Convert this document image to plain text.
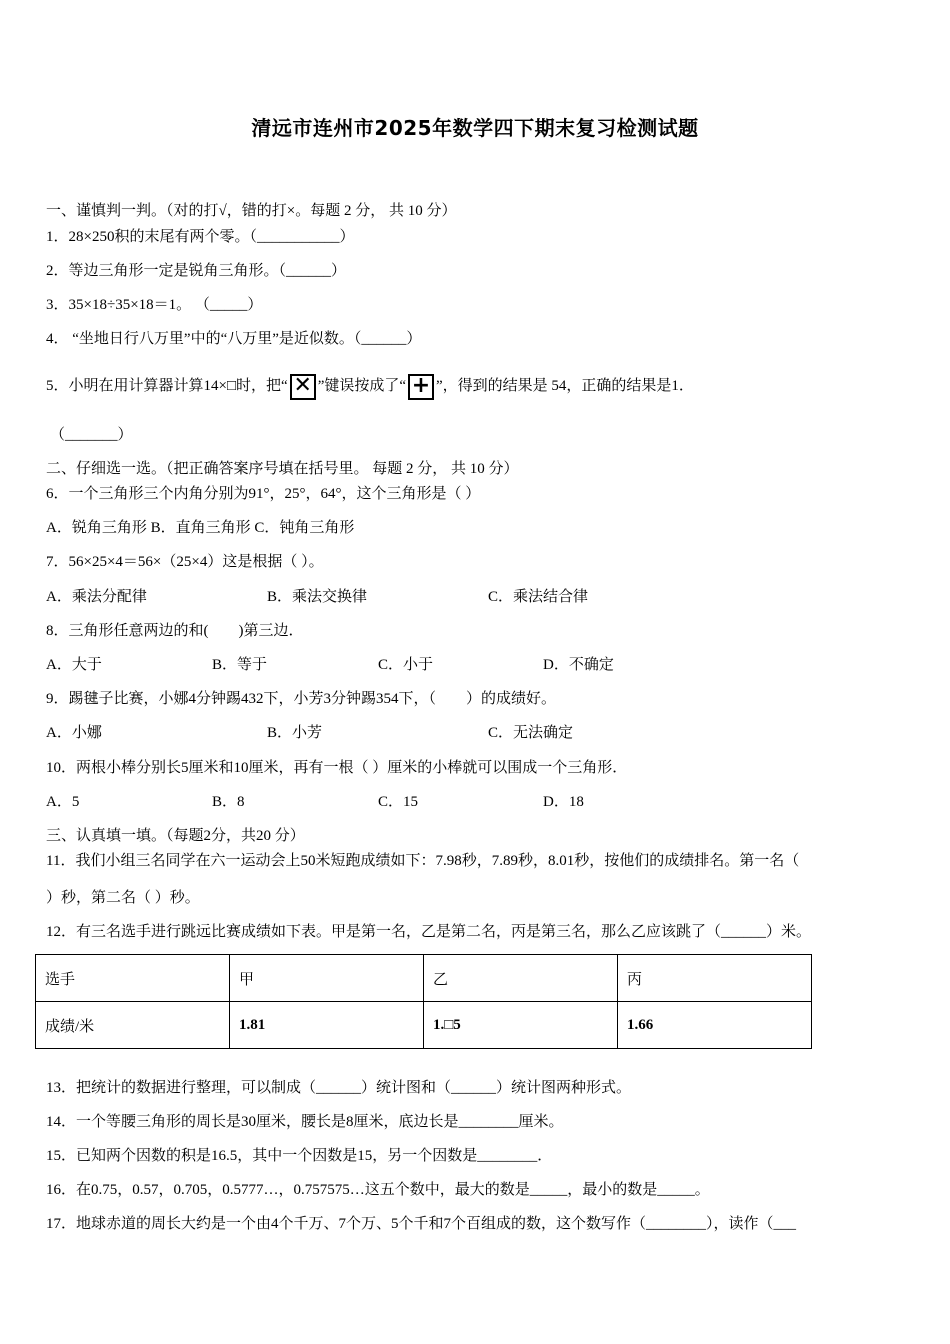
清远市连州市2025年数学四下期末复习检测试题
一、谨慎判一判。（对的打√，错的打×。每题 2 分， 共 10 分）
1．28×250积的末尾有两个零。（___________）
2．等边三角形一定是锐角三角形。（______）
3．35×18÷35×18＝1。 （_____）
4． “坐地日行八万里”中的“八万里”是近似数。（______）
5．小明在用计算器计算14×□时，把“ ✕ ”键误按成了“ + ”，得到的结果是 54，正确的结果是1．
（_______）
二、仔细选一选。（把正确答案序号填在括号里。 每题 2 分， 共 10 分）
6．一个三角形三个内角分别为91°，25°，64°，这个三角形是（ ）
A．锐角三角形 B．直角三角形 C．钝角三角形
7．56×25×4＝56×（25×4）这是根据（ ）。
A．乘法分配律	B．乘法交换律	C．乘法结合律
8．三角形任意两边的和(　　)第三边．
A．大于	B．等于	C．小于	D．不确定
9．踢毽子比赛，小娜4分钟踢432下，小芳3分钟踢354下，（　　）的成绩好。
A．小娜	B．小芳	C．无法确定
10．两根小棒分别长5厘米和10厘米，再有一根（ ）厘米的小棒就可以围成一个三角形．
A．5	B．8	C．15	D．18
三、认真填一填。（每题2分，共20 分）
11．我们小组三名同学在六一运动会上50米短跑成绩如下：7.98秒，7.89秒，8.01秒，按他们的成绩排名。第一名（
）秒，第二名（ ）秒。
12．有三名选手进行跳远比赛成绩如下表。甲是第一名，乙是第二名，丙是第三名，那么乙应该跳了（______）米。
选手	甲	乙	丙
成绩/米	1.81	1.□5	1.66
13．把统计的数据进行整理，可以制成（______）统计图和（______）统计图两种形式。
14．一个等腰三角形的周长是30厘米，腰长是8厘米，底边长是________厘米。
15．已知两个因数的积是16.5，其中一个因数是15，另一个因数是________．
16．在0.75，0.57，0.705，0.5777…，0.757575…这五个数中，最大的数是_____，最小的数是_____。
17．地球赤道的周长大约是一个由4个千万、7个万、5个千和7个百组成的数，这个数写作（________），读作（___
